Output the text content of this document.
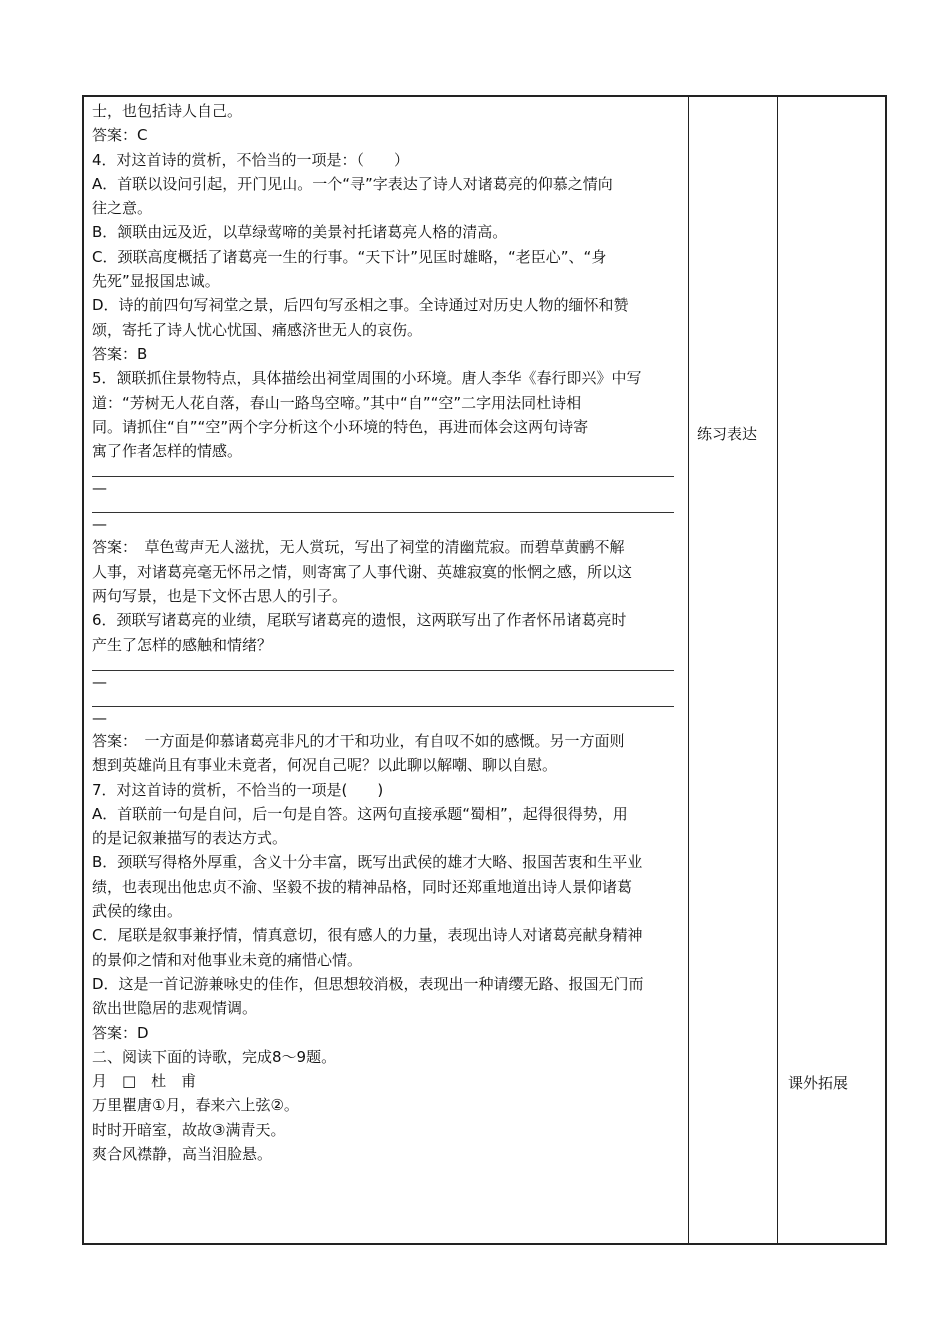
士，也包括诗人自己。
答案：C
4．对这首诗的赏析，不恰当的一项是：（　　）
A．首联以设问引起，开门见山。一个“寻”字表达了诗人对诸葛亮的仰慕之情向
往之意。
B．颔联由远及近，以草绿莺啼的美景衬托诸葛亮人格的清高。
C．颈联高度概括了诸葛亮一生的行事。“天下计”见匡时雄略，“老臣心”、“身
先死”显报国忠诚。
D．诗的前四句写祠堂之景，后四句写丞相之事。全诗通过对历史人物的缅怀和赞
颂，寄托了诗人忧心忧国、痛感济世无人的哀伤。
答案：B
5．颔联抓住景物特点，具体描绘出祠堂周围的小环境。唐人李华《春行即兴》中写
道：“芳树无人花自落，春山一路鸟空啼。”其中“自”“空”二字用法同杜诗相
同。请抓住“自”“空”两个字分析这个小环境的特色，再进而体会这两句诗寄
寓了作者怎样的情感。
—
—
答案：　草色莺声无人滋扰，无人赏玩，写出了祠堂的清幽荒寂。而碧草黄鹂不解
人事，对诸葛亮毫无怀吊之情，则寄寓了人事代谢、英雄寂寞的怅惘之感，所以这
两句写景，也是下文怀古思人的引子。
6．颈联写诸葛亮的业绩，尾联写诸葛亮的遗恨，这两联写出了作者怀吊诸葛亮时
产生了怎样的感触和情绪？
—
—
答案：　一方面是仰慕诸葛亮非凡的才干和功业，有自叹不如的感慨。另一方面则
想到英雄尚且有事业未竟者，何况自己呢？以此聊以解嘲、聊以自慰。
7．对这首诗的赏析，不恰当的一项是(　　)
A．首联前一句是自问，后一句是自答。这两句直接承题“蜀相”，起得很得势，用
的是记叙兼描写的表达方式。
B．颈联写得格外厚重，含义十分丰富，既写出武侯的雄才大略、报国苦衷和生平业
绩，也表现出他忠贞不渝、坚毅不拔的精神品格，同时还郑重地道出诗人景仰诸葛
武侯的缘由。
C．尾联是叙事兼抒情，情真意切，很有感人的力量，表现出诗人对诸葛亮献身精神
的景仰之情和对他事业未竟的痛惜心情。
D．这是一首记游兼咏史的佳作，但思想较消极，表现出一种请缨无路、报国无门而
欲出世隐居的悲观情调。
答案：D
二、阅读下面的诗歌，完成8～9题。
月　□　杜　甫
万里瞿唐①月，春来六上弦②。
时时开暗室，故故③满青天。
爽合风襟静，高当泪脸悬。
练习表达
课外拓展
